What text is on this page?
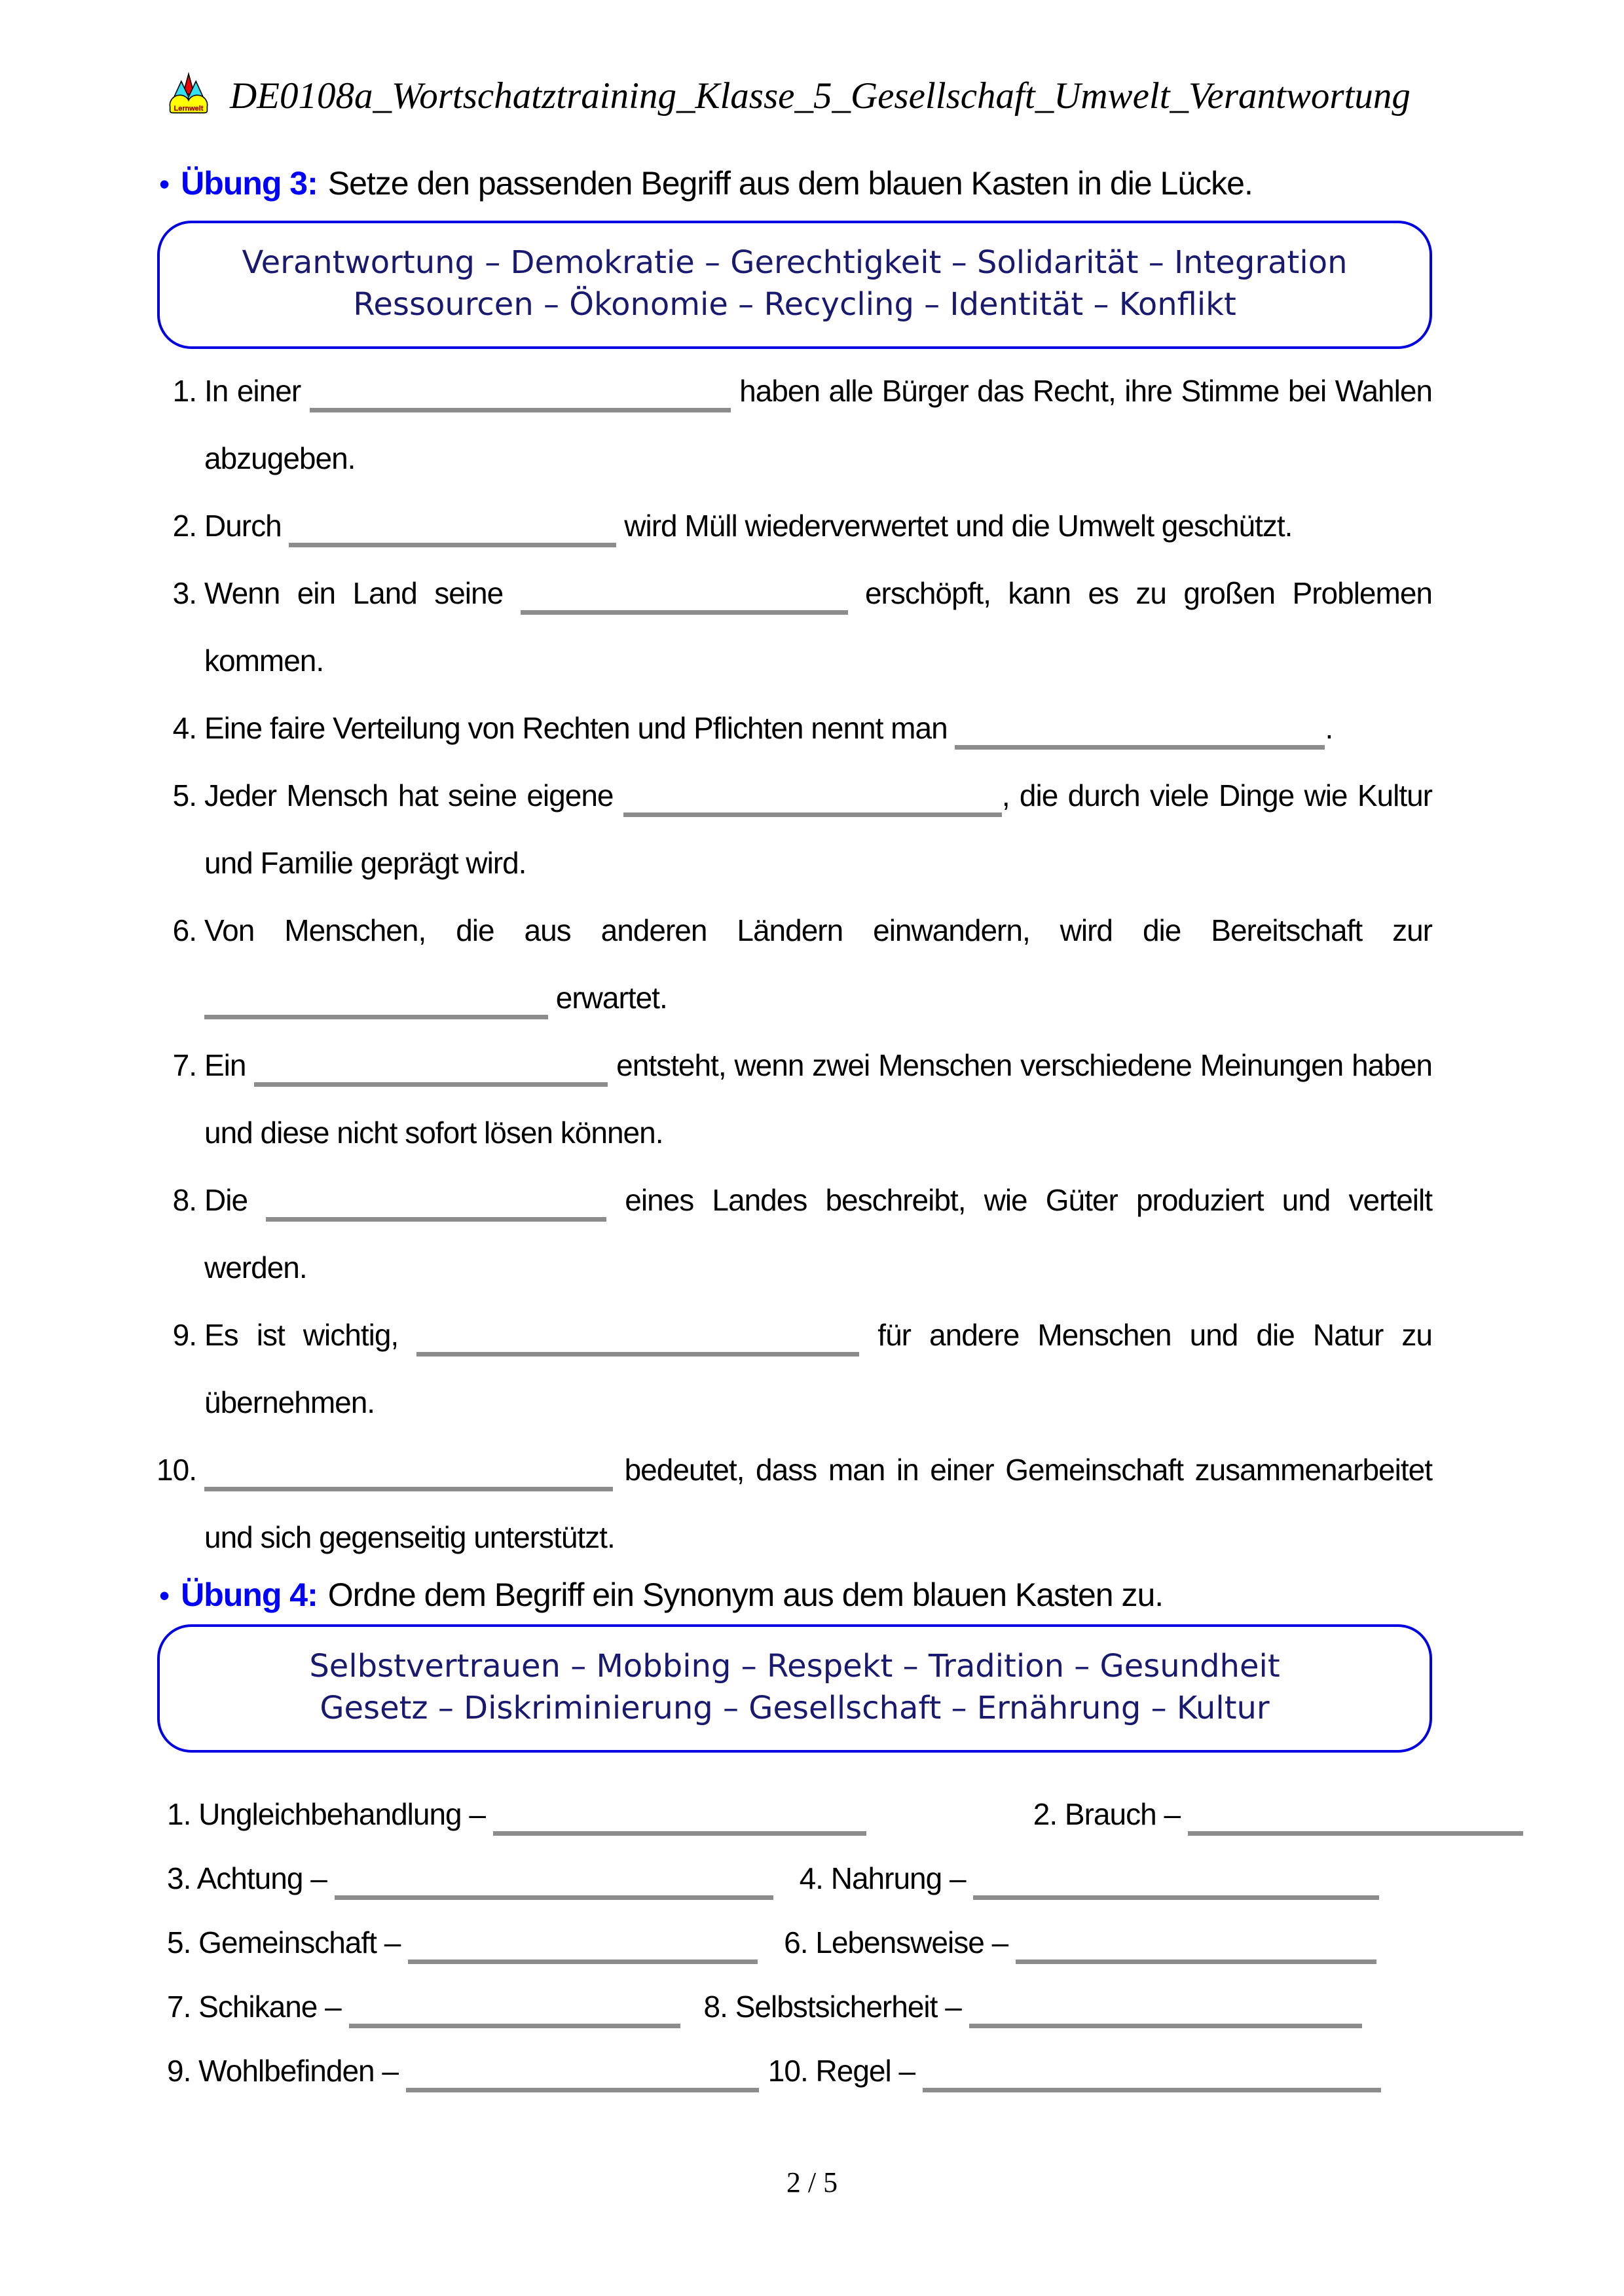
Lernwelt DE0108a_Wortschatztraining_Klasse_5_Gesellschaft_Umwelt_Verantwortung
• Übung 3: Setze den passenden Begriff aus dem blauen Kasten in die Lücke.
Verantwortung – Demokratie – Gerechtigkeit – Solidarität – Integration
Ressourcen – Ökonomie – Recycling – Identität – Konflikt

1. In einer	haben alle Bürger das Recht, ihre Stimme bei Wahlen abzugeben.

2. Durch	wird Müll wiederverwertet und die Umwelt geschützt.

3. Wenn ein Land seine	erschöpft, kann es zu großen Problemen kommen.

4. Eine faire Verteilung von Rechten und Pflichten nennt man	.

5. Jeder Mensch hat seine eigene	, die durch viele Dinge wie Kultur und Familie geprägt wird.

6. Von Menschen, die aus anderen Ländern einwandern, wird die Bereitschaft zur  erwartet.

7. Ein	entsteht, wenn zwei Menschen verschiedene Meinungen haben und diese nicht sofort lösen können.

8. Die	eines Landes beschreibt, wie Güter produziert und verteilt werden.

9. Es ist wichtig,	für andere Menschen und die Natur zu übernehmen.

10.	bedeutet, dass man in einer Gemeinschaft zusammenarbeitet und sich gegenseitig unterstützt.

• Übung 4: Ordne dem Begriff ein Synonym aus dem blauen Kasten zu.
Selbstvertrauen – Mobbing – Respekt – Tradition – Gesundheit
Gesetz – Diskriminierung – Gesellschaft – Ernährung – Kultur
1. Ungleichbehandlung –	2. Brauch –
3. Achtung –	4. Nahrung –
5. Gemeinschaft –	6. Lebensweise –
7. Schikane –	8. Selbstsicherheit –
9. Wohlbefinden –	10. Regel –
2 / 5
